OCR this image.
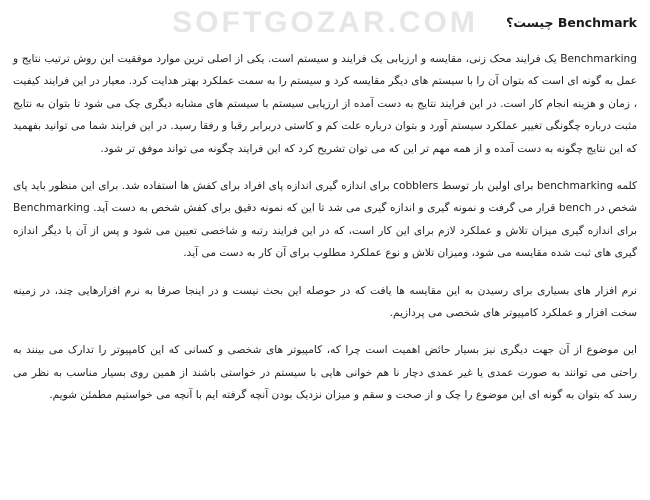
SOFTGOZAR.COM	Benchmark چیست؟

Benchmarking یک فرایند محک زنی، مقایسه و ارزیابی یک فرایند و سیستم است. یکی از اصلی ترین موارد موفقیت این روش ترتیب نتایج و عمل به گونه ای است که بتوان آن را با سیستم های دیگر مقایسه کرد و سیستم را به سمت عملکرد بهتر هدایت کرد. معیار در این فرایند کیفیت ، زمان و هزینه انجام کار است. در این فرایند نتایج به دست آمده از ارزیابی سیستم با سیستم های مشابه دیگری چک می شود تا بتوان به نتایج مثبت درباره چگونگی تغییر عملکرد سیستم آورد و بتوان درباره علت کم و کاستی دربرابر رقبا و رفقا رسید. در این فرایند شما می توانید بفهمید که این نتایج چگونه به دست آمده و از همه مهم تر این که می توان تشریح کرد که این فرایند چگونه می تواند موفق تر شود.

کلمه benchmarking برای اولین بار توسط cobblers برای اندازه گیری اندازه پای افراد برای کفش ها استفاده شد. برای این منظور باید پای شخص در bench قرار می گرفت و نمونه گیری و اندازه گیری می شد تا این که نمونه دقیق برای کفش شخص به دست آید. Benchmarking برای اندازه گیری میزان تلاش و عملکرد لازم برای این کار است، که در این فرایند رتبه و شاخصی تعیین می شود و پس از آن با دیگر اندازه گیری های ثبت شده مقایسه می شود، ومیزان تلاش و نوع عملکرد مطلوب برای آن کار به دست می آید.

نرم افزار های بسیاری برای رسیدن به این مقایسه ها یافت که در حوصله این بحث نیست و در اینجا صرفا به نرم افزارهایی چند، در زمینه سخت افزار و عملکرد کامپیوتر های شخصی می پردازیم.

این موضوع از آن جهت دیگری نیز بسیار حائض اهمیت است چرا که، کامپیوتر های شخصی و کسانی که این کامپیوتر را تدارک می بینند به راحتی می توانند به صورت عمدی یا غیر عمدی دچار نا هم خوانی هایی با سیستم در خواستی باشند از همین روی بسیار مناسب به نظر می رسد که بتوان به گونه ای این موضوع را چک و از صحت و سقم و میزان نزدیک بودن آنچه گرفته ایم با آنچه می خواستیم مطمئن شویم.
